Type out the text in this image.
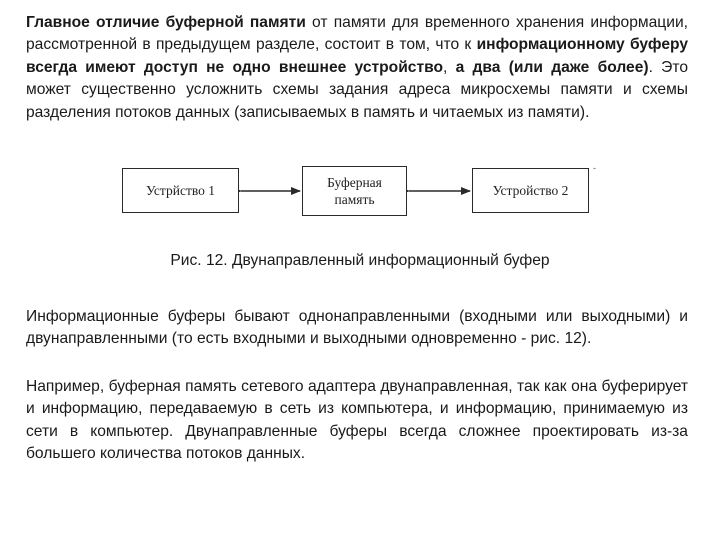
Главное отличие буферной памяти от памяти для временного хранения информации, рассмотренной в предыдущем разделе, состоит в том, что к информационному буферу всегда имеют доступ не одно внешнее устройство, а два (или даже более). Это может существенно усложнить схемы задания адреса микросхемы памяти и схемы разделения потоков данных (записываемых в память и читаемых из памяти).

Устрйство 1
Буферная
память
Устройство 2
-

Рис. 12. Двунаправленный информационный буфер

Информационные буферы бывают однонаправленными (входными или выходными) и двунаправленными (то есть входными и выходными одновременно - рис. 12).

Например, буферная память сетевого адаптера двунаправленная, так как она буферирует и информацию, передаваемую в сеть из компьютера, и информацию, принимаемую из сети в компьютер. Двунаправленные буферы всегда сложнее проектировать из-за большего количества потоков данных.
